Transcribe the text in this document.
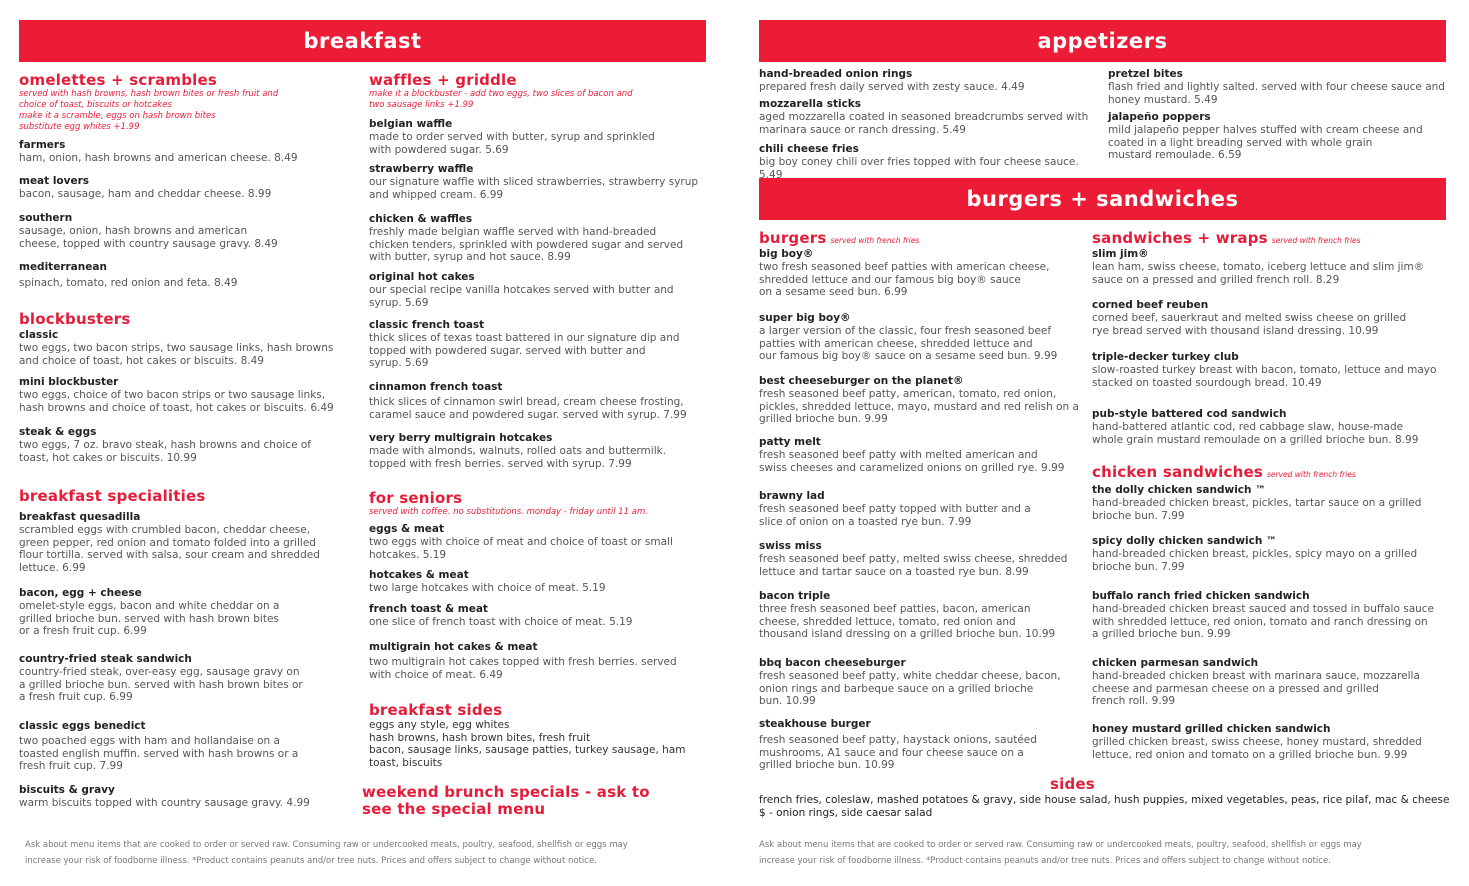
breakfast	appetizers
burgers + sandwiches
omelettes + scrambles
served with hash browns, hash brown bites or fresh fruit and
choice of toast, biscuits or hotcakes
make it a scramble, eggs on hash brown bites
substitute egg whites +1.99
farmers
ham, onion, hash browns and american cheese. 8.49
meat lovers
bacon, sausage, ham and cheddar cheese. 8.99
southern
sausage, onion, hash browns and american
cheese, topped with country sausage gravy. 8.49
mediterranean
spinach, tomato, red onion and feta. 8.49
blockbusters
classic
two eggs, two bacon strips, two sausage links, hash browns
and choice of toast, hot cakes or biscuits. 8.49
mini blockbuster
two eggs, choice of two bacon strips or two sausage links,
hash browns and choice of toast, hot cakes or biscuits. 6.49
steak & eggs
two eggs, 7 oz. bravo steak, hash browns and choice of
toast, hot cakes or biscuits. 10.99
breakfast specialities
breakfast quesadilla
scrambled eggs with crumbled bacon, cheddar cheese,
green pepper, red onion and tomato folded into a grilled
flour tortilla. served with salsa, sour cream and shredded
lettuce. 6.99
bacon, egg + cheese
omelet-style eggs, bacon and white cheddar on a
grilled brioche bun. served with hash brown bites
or a fresh fruit cup. 6.99
country-fried steak sandwich
country-fried steak, over-easy egg, sausage gravy on
a grilled brioche bun. served with hash brown bites or
a fresh fruit cup. 6.99
classic eggs benedict
two poached eggs with ham and hollandaise on a
toasted english muffin. served with hash browns or a
fresh fruit cup. 7.99
biscuits & gravy
warm biscuits topped with country sausage gravy. 4.99
waffles + griddle
make it a blockbuster - add two eggs, two slices of bacon and
two sausage links +1.99
belgian waffle
made to order served with butter, syrup and sprinkled
with powdered sugar. 5.69
strawberry waffle
our signature waffle with sliced strawberries, strawberry syrup
and whipped cream. 6.99
chicken & waffles
freshly made belgian waffle served with hand-breaded
chicken tenders, sprinkled with powdered sugar and served
with butter, syrup and hot sauce. 8.99
original hot cakes
our special recipe vanilla hotcakes served with butter and
syrup. 5.69
classic french toast
thick slices of texas toast battered in our signature dip and
topped with powdered sugar. served with butter and
syrup. 5.69
cinnamon french toast
thick slices of cinnamon swirl bread, cream cheese frosting,
caramel sauce and powdered sugar. served with syrup. 7.99
very berry multigrain hotcakes
made with almonds, walnuts, rolled oats and buttermilk.
topped with fresh berries. served with syrup. 7.99
for seniors
served with coffee. no substitutions. monday - friday until 11 am.
eggs & meat
two eggs with choice of meat and choice of toast or small
hotcakes. 5.19
hotcakes & meat
two large hotcakes with choice of meat. 5.19
french toast & meat
one slice of french toast with choice of meat. 5.19
multigrain hot cakes & meat
two multigrain hot cakes topped with fresh berries. served
with choice of meat. 6.49
breakfast sides
eggs any style, egg whites
hash browns, hash brown bites, fresh fruit
bacon, sausage links, sausage patties, turkey sausage, ham
toast, biscuits
weekend brunch specials - ask to
see the special menu
Ask about menu items that are cooked to order or served raw. Consuming raw or undercooked meats, poultry, seafood, shellfish or eggs may
increase your risk of foodborne illness. *Product contains peanuts and/or tree nuts. Prices and offers subject to change without notice.
hand-breaded onion rings
prepared fresh daily served with zesty sauce. 4.49
mozzarella sticks
aged mozzarella coated in seasoned breadcrumbs served with
marinara sauce or ranch dressing. 5.49
chili cheese fries
big boy coney chili over fries topped with four cheese sauce. 5.49
pretzel bites
flash fried and lightly salted. served with four cheese sauce and
honey mustard. 5.49
jalapeño poppers
mild jalapeño pepper halves stuffed with cream cheese and
coated in a light breading served with whole grain
mustard remoulade. 6.59
burgers served with french fries
big boy®
two fresh seasoned beef patties with american cheese,
shredded lettuce and our famous big boy® sauce
on a sesame seed bun. 6.99
super big boy®
a larger version of the classic, four fresh seasoned beef
patties with american cheese, shredded lettuce and
our famous big boy® sauce on a sesame seed bun. 9.99
best cheeseburger on the planet®
fresh seasoned beef patty, american, tomato, red onion,
pickles, shredded lettuce, mayo, mustard and red relish on a
grilled brioche bun. 9.99
patty melt
fresh seasoned beef patty with melted american and
swiss cheeses and caramelized onions on grilled rye. 9.99
brawny lad
fresh seasoned beef patty topped with butter and a
slice of onion on a toasted rye bun. 7.99
swiss miss
fresh seasoned beef patty, melted swiss cheese, shredded
lettuce and tartar sauce on a toasted rye bun. 8.99
bacon triple
three fresh seasoned beef patties, bacon, american
cheese, shredded lettuce, tomato, red onion and
thousand island dressing on a grilled brioche bun. 10.99
bbq bacon cheeseburger
fresh seasoned beef patty, white cheddar cheese, bacon,
onion rings and barbeque sauce on a grilled brioche
bun. 10.99
steakhouse burger
fresh seasoned beef patty, haystack onions, sautéed
mushrooms, A1 sauce and four cheese sauce on a
grilled brioche bun. 10.99
sandwiches + wraps served with french fries
slim jim®
lean ham, swiss cheese, tomato, iceberg lettuce and slim jim®
sauce on a pressed and grilled french roll. 8.29
corned beef reuben
corned beef, sauerkraut and melted swiss cheese on grilled
rye bread served with thousand island dressing. 10.99
triple-decker turkey club
slow-roasted turkey breast with bacon, tomato, lettuce and mayo
stacked on toasted sourdough bread. 10.49
pub-style battered cod sandwich
hand-battered atlantic cod, red cabbage slaw, house-made
whole grain mustard remoulade on a grilled brioche bun. 8.99
chicken sandwiches served with french fries
the dolly chicken sandwich ™
hand-breaded chicken breast, pickles, tartar sauce on a grilled
brioche bun. 7.99
spicy dolly chicken sandwich ™
hand-breaded chicken breast, pickles, spicy mayo on a grilled
brioche bun. 7.99
buffalo ranch fried chicken sandwich
hand-breaded chicken breast sauced and tossed in buffalo sauce
with shredded lettuce, red onion, tomato and ranch dressing on
a grilled brioche bun. 9.99
chicken parmesan sandwich
hand-breaded chicken breast with marinara sauce, mozzarella
cheese and parmesan cheese on a pressed and grilled
french roll. 9.99
honey mustard grilled chicken sandwich
grilled chicken breast, swiss cheese, honey mustard, shredded
lettuce, red onion and tomato on a grilled brioche bun. 9.99
sides
french fries, coleslaw, mashed potatoes & gravy, side house salad, hush puppies, mixed vegetables, peas, rice pilaf, mac & cheese
$ - onion rings, side caesar salad
Ask about menu items that are cooked to order or served raw. Consuming raw or undercooked meats, poultry, seafood, shellfish or eggs may
increase your risk of foodborne illness. *Product contains peanuts and/or tree nuts. Prices and offers subject to change without notice.
